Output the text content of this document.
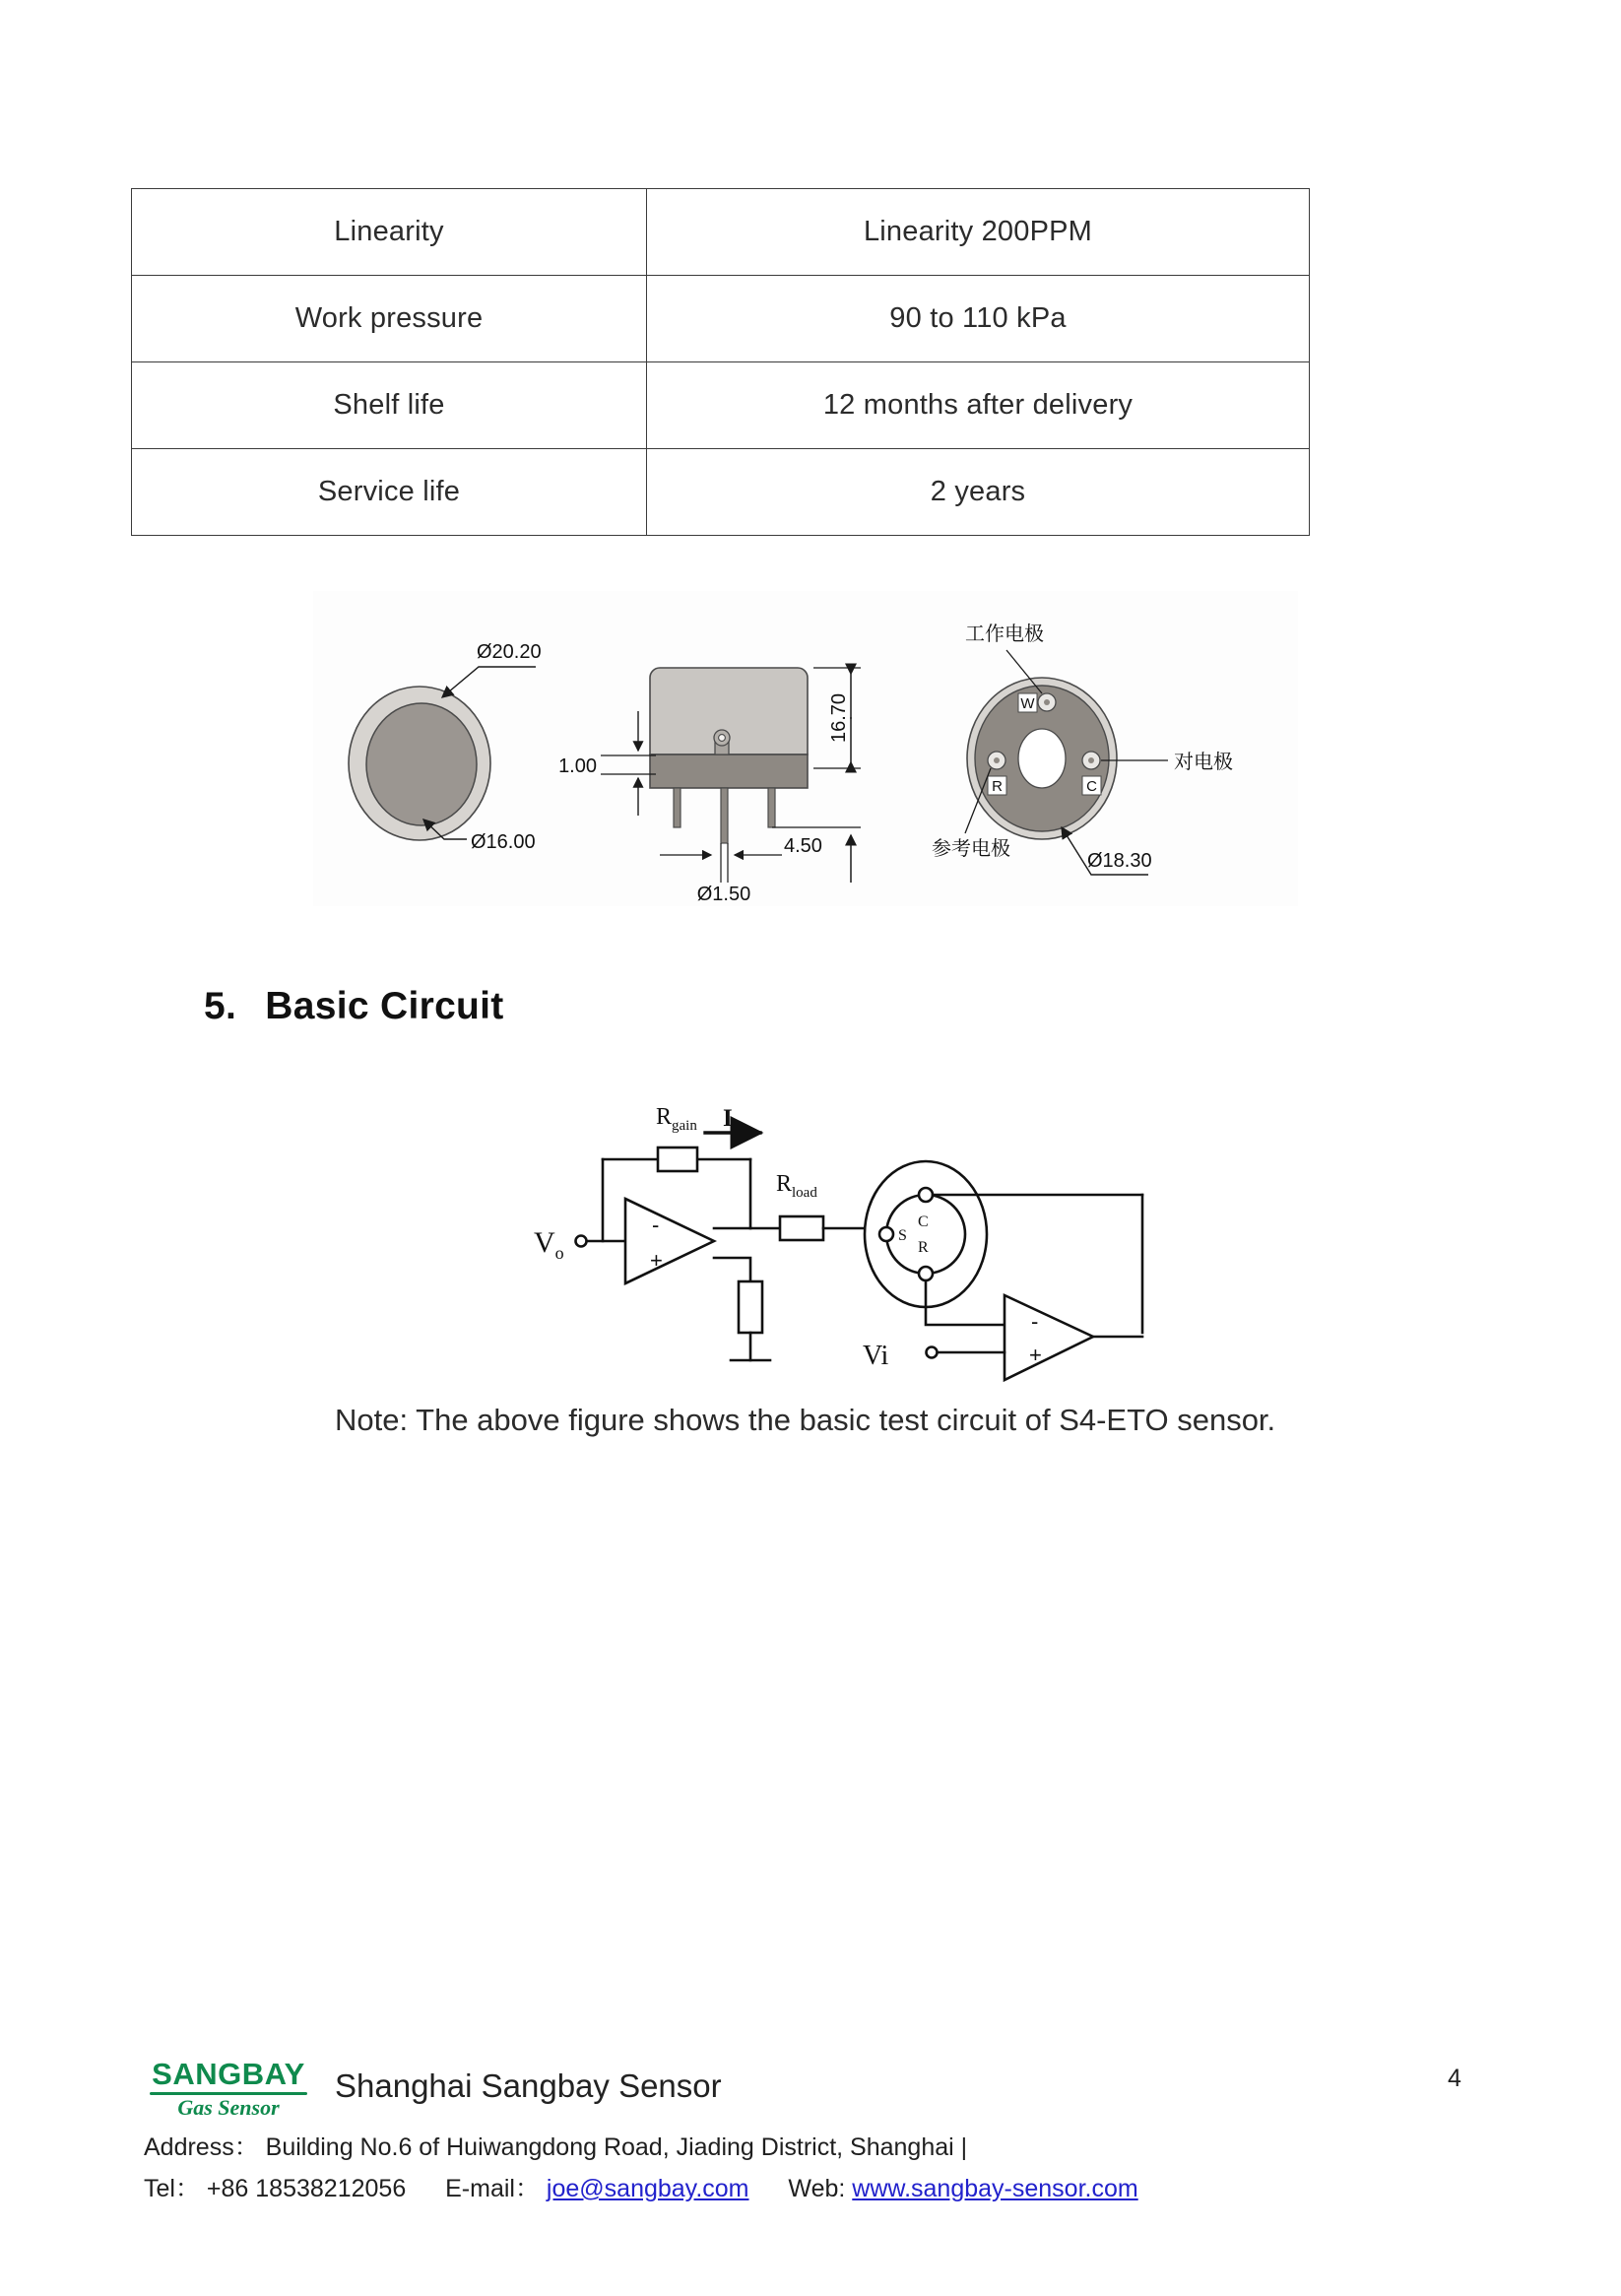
Linearity	Linearity 200PPM
Work pressure	90 to 110 kPa
Shelf life	12 months after delivery
Service life	2 years
Ø20.20
Ø16.00
16.70
1.00
4.50
Ø1.50
W
R	C
工作电极
对电极
参考电极
Ø18.30
5. Basic Circuit
$R_{gain}$ I
$R_{load}$
$V_o$
Vi
-
+
-
+
S
C
R
Note: The above figure shows the basic test circuit of S4-ETO sensor.
SANGBAY
Gas Sensor
Shanghai Sangbay Sensor
Address： Building No.6 of Huiwangdong Road, Jiading District, Shanghai |
Tel： +86 18538212056 E-mail： joe@sangbay.com Web: www.sangbay-sensor.com
4
